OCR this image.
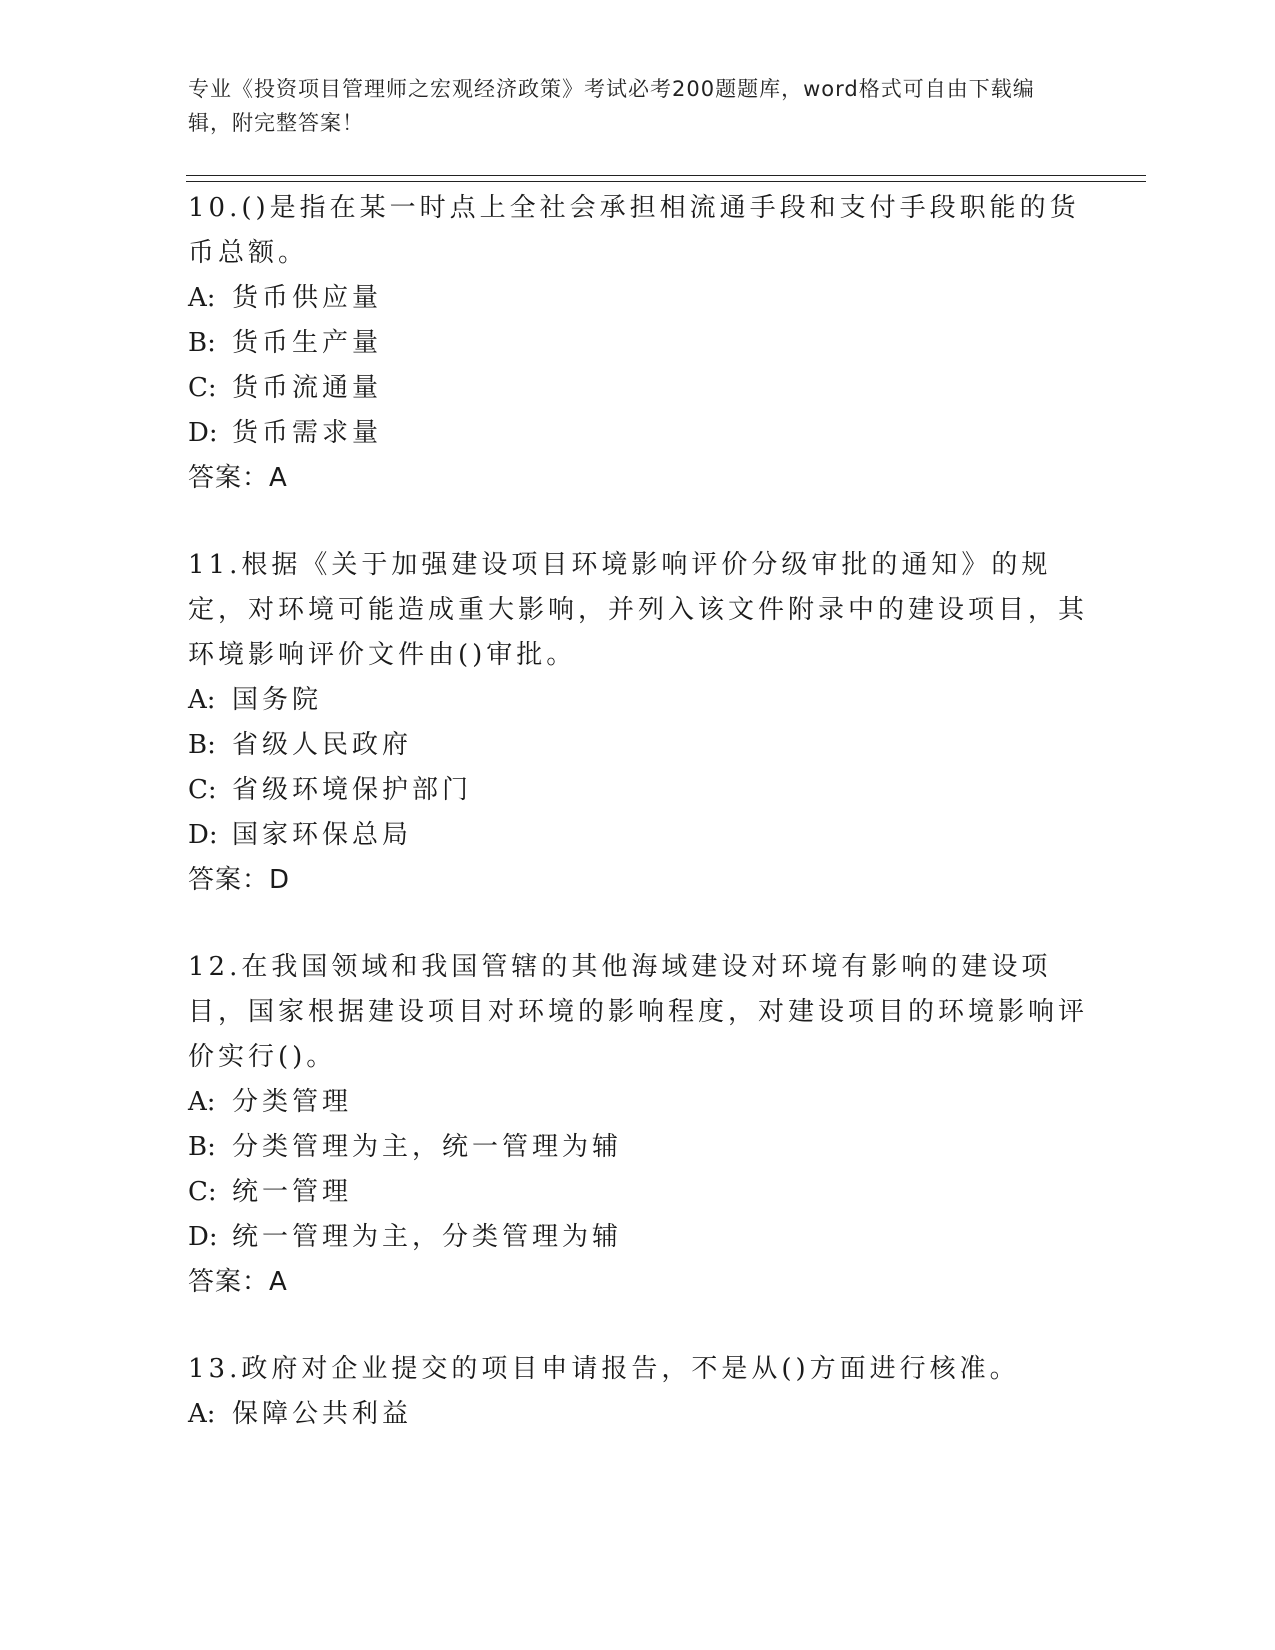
专业《投资项目管理师之宏观经济政策》考试必考200题题库，word格式可自由下载编辑，附完整答案！

10.()是指在某一时点上全社会承担相流通手段和支付手段职能的货币总额。

A: 货币供应量

B: 货币生产量

C: 货币流通量

D: 货币需求量

答案：A

11.根据《关于加强建设项目环境影响评价分级审批的通知》的规定，对环境可能造成重大影响，并列入该文件附录中的建设项目，其环境影响评价文件由()审批。

A: 国务院

B: 省级人民政府

C: 省级环境保护部门

D: 国家环保总局

答案：D

12.在我国领域和我国管辖的其他海域建设对环境有影响的建设项目，国家根据建设项目对环境的影响程度，对建设项目的环境影响评价实行()。

A: 分类管理

B: 分类管理为主，统一管理为辅

C: 统一管理

D: 统一管理为主，分类管理为辅

答案：A

13.政府对企业提交的项目申请报告，不是从()方面进行核准。

A: 保障公共利益
